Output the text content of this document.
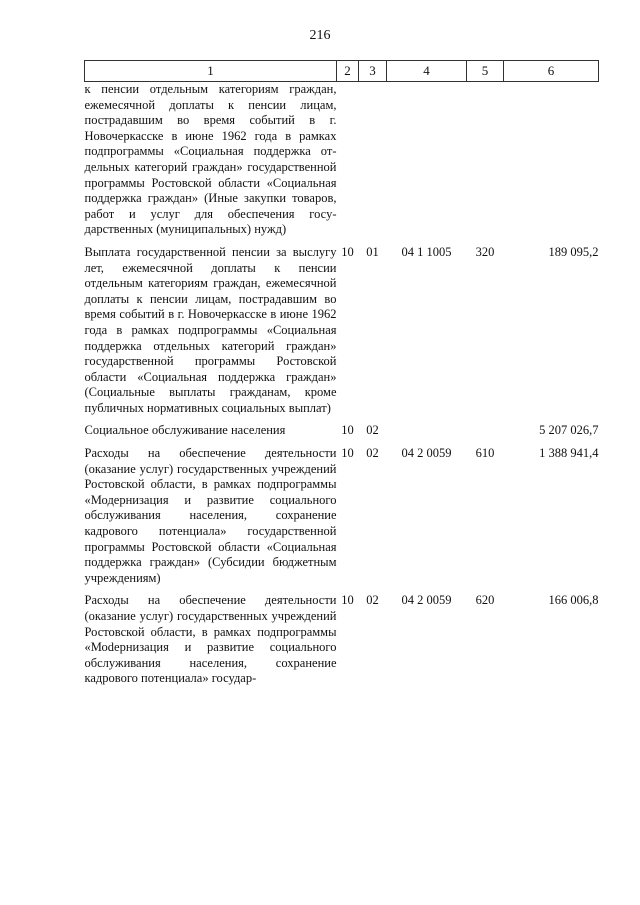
216
1	2	3	4	5	6
к пенсии отдельным категориям граждан, ежемесячной доплаты к пенсии лицам, пострадавшим во время событий в г. Новочеркасске в июне 1962 года в рамках подпрограммы «Социальная поддержка отдельных категорий граждан» государственной программы Ростовской области «Социальная поддержка граждан» (Иные закупки товаров, работ и услуг для обеспечения государственных (муниципальных) нужд)					
Выплата государственной пенсии за выслугу лет, ежемесячной доплаты к пенсии отдельным категориям граждан, ежемесячной доплаты к пенсии лицам, пострадавшим во время событий в г. Новочеркасске в июне 1962 года в рамках подпрограммы «Социальная поддержка отдельных категорий граждан» государственной программы Ростовской области «Социальная поддержка граждан» (Социальные выплаты гражданам, кроме публичных нормативных социальных выплат)	10	01	04 1 1005	320	189 095,2
Социальное обслуживание населения	10	02			5 207 026,7
Расходы на обеспечение деятельности (оказание услуг) государственных учреждений Ростовской области, в рамках подпрограммы «Модернизация и развитие социального обслуживания населения, сохранение кадрового потенциала» государственной программы Ростовской области «Социальная поддержка граждан» (Субсидии бюджетным учреждениям)	10	02	04 2 0059	610	1 388 941,4
Расходы на обеспечение деятельности (оказание услуг) государственных учреждений Ростовской области, в рамках подпрограммы «Моdернизация и развитие социального обслуживания населения, сохранение кадрового потенциала» государ-	10	02	04 2 0059	620	166 006,8
